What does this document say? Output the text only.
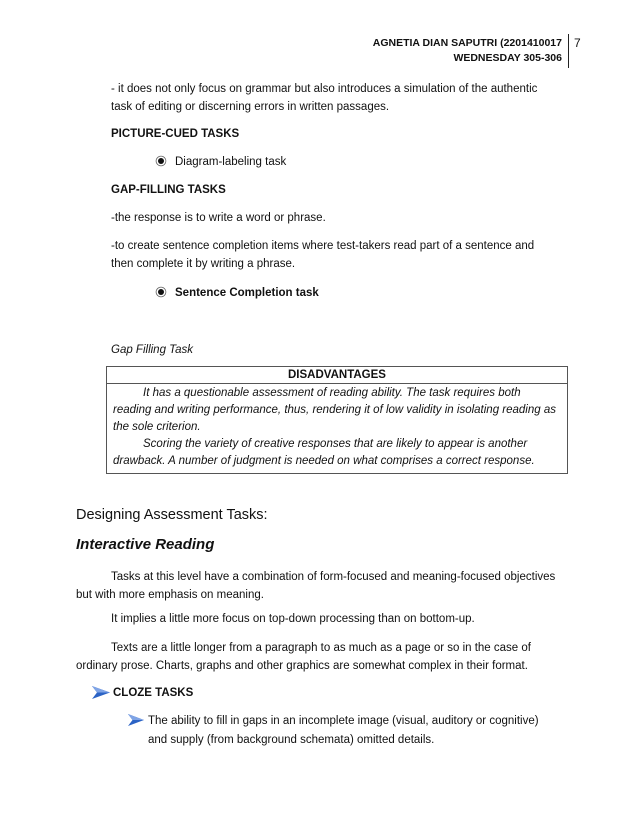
AGNETIA DIAN SAPUTRI (2201410017
WEDNESDAY 305-306
7
- it does not only focus on grammar but also introduces a simulation of the authentic
task of editing or discerning errors in written passages.
PICTURE-CUED TASKS
Diagram-labeling task
GAP-FILLING TASKS
-the response is to write a word or phrase.
-to create sentence completion items where test-takers read part of a sentence and
then complete it by writing a phrase.
Sentence Completion task
Gap Filling Task
DISADVANTAGES

It has a questionable assessment of reading ability. The task requires both reading and writing performance, thus, rendering it of low validity in isolating reading as the sole criterion.
Scoring the variety of creative responses that are likely to appear is another drawback. A number of judgment is needed on what comprises a correct response.
Designing Assessment Tasks:
Interactive Reading
Tasks at this level have a combination of form-focused and meaning-focused objectives
but with more emphasis on meaning.
It implies a little more focus on top-down processing than on bottom-up.
Texts are a little longer from a paragraph to as much as a page or so in the case of
ordinary prose. Charts, graphs and other graphics are somewhat complex in their format.
CLOZE TASKS
The ability to fill in gaps in an incomplete image (visual, auditory or cognitive)
and supply (from background schemata) omitted details.
